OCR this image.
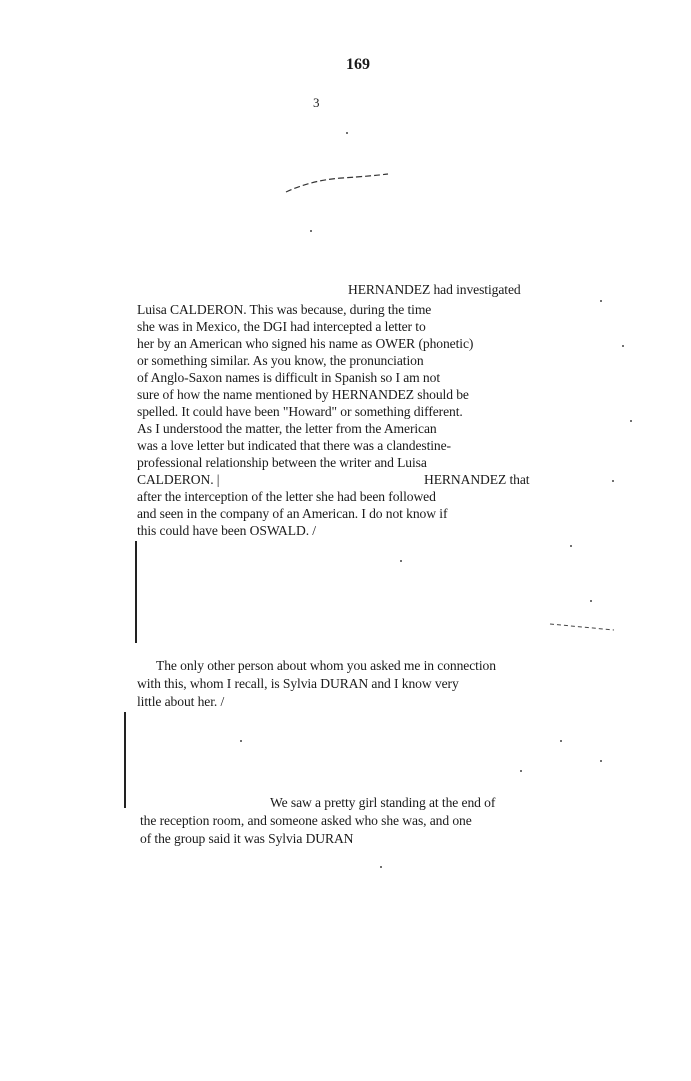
169
3
HERNANDEZ had investigated
Luisa CALDERON. This was because, during the time
she was in Mexico, the DGI had intercepted a letter to
her by an American who signed his name as OWER (phonetic)
or something similar. As you know, the pronunciation
of Anglo-Saxon names is difficult in Spanish so I am not
sure of how the name mentioned by HERNANDEZ should be
spelled. It could have been "Howard" or something different.
As I understood the matter, the letter from the American
was a love letter but indicated that there was a clandestine-
professional relationship between the writer and Luisa
CALDERON. |	HERNANDEZ that
after the interception of the letter she had been followed
and seen in the company of an American. I do not know if
this could have been OSWALD. /
The only other person about whom you asked me in connection
with this, whom I recall, is Sylvia DURAN and I know very
little about her. /
We saw a pretty girl standing at the end of
the reception room, and someone asked who she was, and one
of the group said it was Sylvia DURAN
